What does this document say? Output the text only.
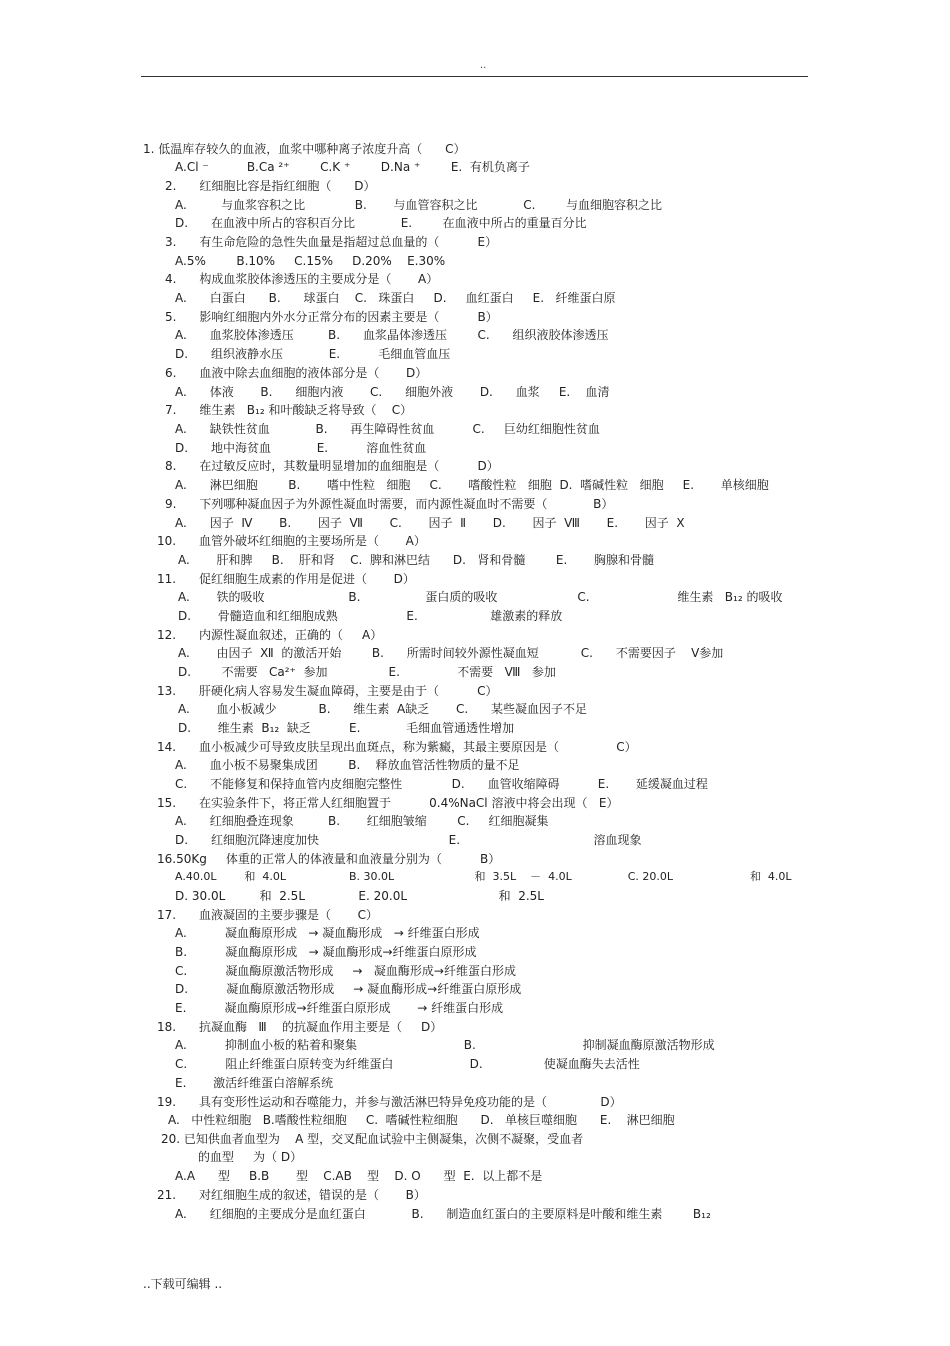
..
1. 低温库存较久的血液，血浆中哪种离子浓度升高（      C）
A.Cl ⁻          B.Ca ²⁺        C.K ⁺        D.Na ⁺        E.  有机负离子
2.      红细胞比容是指红细胞（      D）
A.         与血浆容积之比             B.       与血管容积之比            C.        与血细胞容积之比
D.      在血液中所占的容积百分比            E.        在血液中所占的重量百分比
3.      有生命危险的急性失血量是指超过总血量的（          E）
A.5%        B.10%     C.15%     D.20%    E.30%
4.      构成血浆胶体渗透压的主要成分是（       A）
A.      白蛋白      B.      球蛋白    C.   珠蛋白     D.     血红蛋白     E.   纤维蛋白原
5.      影响红细胞内外水分正常分布的因素主要是（          B）
A.      血浆胶体渗透压         B.      血浆晶体渗透压        C.      组织液胶体渗透压
D.      组织液静水压            E.          毛细血管血压
6.      血液中除去血细胞的液体部分是（       D）
A.      体液       B.      细胞内液       C.      细胞外液       D.      血浆     E.    血清
7.      维生素   B₁₂ 和叶酸缺乏将导致（    C）
A.      缺铁性贫血            B.      再生障碍性贫血          C.     巨幼红细胞性贫血
D.      地中海贫血            E.          溶血性贫血
8.      在过敏反应时，其数量明显增加的血细胞是（          D）
A.      淋巴细胞        B.       嗜中性粒   细胞     C.       嗜酸性粒   细胞  D.  嗜碱性粒   细胞     E.       单核细胞
9.      下列哪种凝血因子为外源性凝血时需要，而内源性凝血时不需要（            B）
A.      因子  Ⅳ       B.       因子  Ⅶ       C.       因子  Ⅱ       D.       因子  Ⅷ       E.       因子  Ⅹ
10.      血管外破坏红细胞的主要场所是（       A）
A.       肝和脾     B.    肝和肾    C.  脾和淋巴结      D.   肾和骨髓        E.       胸腺和骨髓
11.      促红细胞生成素的作用是促进（       D）
A.       铁的吸收                      B.                 蛋白质的吸收                     C.                       维生素   B₁₂ 的吸收
D.       骨髓造血和红细胞成熟                  E.                   雄激素的释放
12.      内源性凝血叙述，正确的（     A）
A.       由因子  Ⅻ  的激活开始        B.      所需时间较外源性凝血短           C.      不需要因子    Ⅴ参加
D.        不需要   Ca²⁺  参加                E.               不需要   Ⅷ   参加
13.      肝硬化病人容易发生凝血障碍，主要是由于（          C）
A.       血小板减少           B.      维生素  A缺乏       C.      某些凝血因子不足
D.       维生素  B₁₂  缺乏          E.            毛细血管通透性增加
14.      血小板减少可导致皮肤呈现出血斑点，称为紫癜，其最主要原因是（               C）
A.      血小板不易聚集成团        B.    释放血管活性物质的量不足
C.      不能修复和保持血管内皮细胞完整性             D.      血管收缩障碍          E.       延缓凝血过程
15.      在实验条件下，将正常人红细胞置于          0.4%NaCl 溶液中将会出现（   E）
A.      红细胞叠连现象         B.       红细胞皱缩        C.     红细胞凝集
D.      红细胞沉降速度加快                                  E.                                   溶血现象
16.50Kg     体重的正常人的体液量和血液量分别为（          B）
A.40.0L        和  4.0L                  B. 30.0L                       和  3.5L    －  4.0L                C. 20.0L                      和  4.0L
D. 30.0L         和  2.5L              E. 20.0L                        和  2.5L
17.      血液凝固的主要步骤是（       C）
A.          凝血酶原形成   → 凝血酶形成   → 纤维蛋白形成
B.          凝血酶原形成   → 凝血酶形成→纤维蛋白原形成
C.          凝血酶原激活物形成     →   凝血酶形成→纤维蛋白形成
D.          凝血酶原激活物形成     → 凝血酶形成→纤维蛋白原形成
E.          凝血酶原形成→纤维蛋白原形成       → 纤维蛋白形成
18.      抗凝血酶   Ⅲ    的抗凝血作用主要是（     D）
A.          抑制血小板的粘着和聚集                            B.                            抑制凝血酶原激活物形成
C.          阻止纤维蛋白原转变为纤维蛋白                    D.                使凝血酶失去活性
E.       激活纤维蛋白溶解系统
19.      具有变形性运动和吞噬能力，并参与激活淋巴特异免疫功能的是（              D）
A.   中性粒细胞   B.嗜酸性粒细胞     C.  嗜碱性粒细胞      D.   单核巨噬细胞      E.    淋巴细胞
20. 已知供血者血型为    A 型，交叉配血试验中主侧凝集，次侧不凝聚，受血者
的血型     为（ D）
A.A      型     B.B       型    C.AB    型    D. O      型  E.  以上都不是
21.      对红细胞生成的叙述，错误的是（       B）
A.      红细胞的主要成分是血红蛋白            B.      制造血红蛋白的主要原料是叶酸和维生素        B₁₂
..下载可编辑 ..
